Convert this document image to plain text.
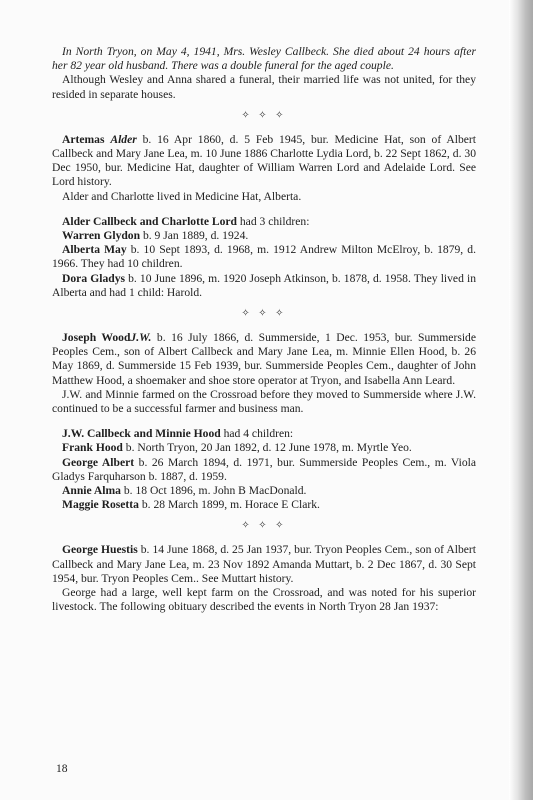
In North Tryon, on May 4, 1941, Mrs. Wesley Callbeck. She died about 24 hours after her 82 year old husband. There was a double funeral for the aged couple.

Although Wesley and Anna shared a funeral, their married life was not united, for they resided in separate houses.

✧ ✧ ✧

Artemas Alder b. 16 Apr 1860, d. 5 Feb 1945, bur. Medicine Hat, son of Albert Callbeck and Mary Jane Lea, m. 10 June 1886 Charlotte Lydia Lord, b. 22 Sept 1862, d. 30 Dec 1950, bur. Medicine Hat, daughter of William Warren Lord and Adelaide Lord. See Lord history.

Alder and Charlotte lived in Medicine Hat, Alberta.

Alder Callbeck and Charlotte Lord had 3 children:

Warren Glydon b. 9 Jan 1889, d. 1924.

Alberta May b. 10 Sept 1893, d. 1968, m. 1912 Andrew Milton McElroy, b. 1879, d. 1966. They had 10 children.

Dora Gladys b. 10 June 1896, m. 1920 Joseph Atkinson, b. 1878, d. 1958. They lived in Alberta and had 1 child: Harold.

✧ ✧ ✧

Joseph WoodJ.W. b. 16 July 1866, d. Summerside, 1 Dec. 1953, bur. Summerside Peoples Cem., son of Albert Callbeck and Mary Jane Lea, m. Minnie Ellen Hood, b. 26 May 1869, d. Summerside 15 Feb 1939, bur. Summerside Peoples Cem., daughter of John Matthew Hood, a shoemaker and shoe store operator at Tryon, and Isabella Ann Leard.

J.W. and Minnie farmed on the Crossroad before they moved to Summerside where J.W. continued to be a successful farmer and business man.

J.W. Callbeck and Minnie Hood had 4 children:

Frank Hood b. North Tryon, 20 Jan 1892, d. 12 June 1978, m. Myrtle Yeo.

George Albert b. 26 March 1894, d. 1971, bur. Summerside Peoples Cem., m. Viola Gladys Farquharson b. 1887, d. 1959.

Annie Alma b. 18 Oct 1896, m. John B MacDonald.

Maggie Rosetta b. 28 March 1899, m. Horace E Clark.

✧ ✧ ✧

George Huestis b. 14 June 1868, d. 25 Jan 1937, bur. Tryon Peoples Cem., son of Albert Callbeck and Mary Jane Lea, m. 23 Nov 1892 Amanda Muttart, b. 2 Dec 1867, d. 30 Sept 1954, bur. Tryon Peoples Cem.. See Muttart history.

George had a large, well kept farm on the Crossroad, and was noted for his superior livestock. The following obituary described the events in North Tryon 28 Jan 1937:

18
